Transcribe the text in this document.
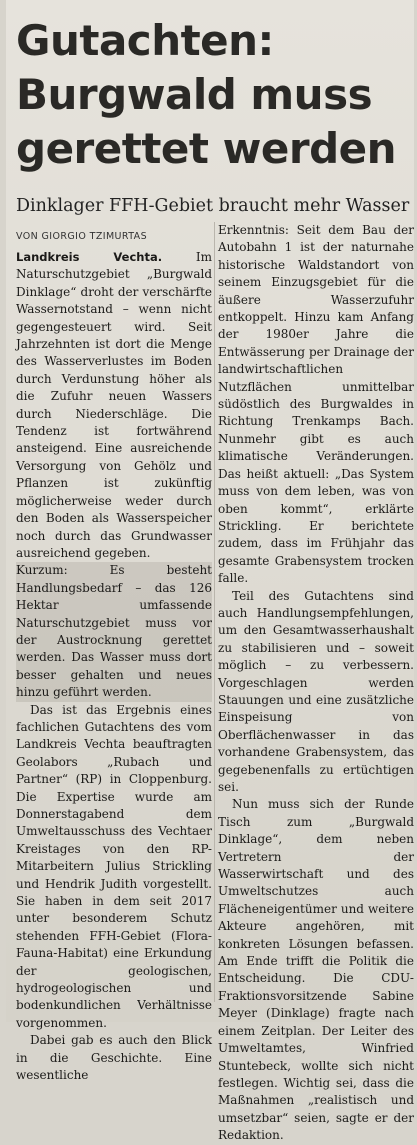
Gutachten:
Burgwald muss
gerettet werden
Dinklager FFH-Gebiet braucht mehr Wasser
VON GIORGIO TZIMURTAS

Landkreis Vechta.	Im Naturschutzgebiet „Burgwald Dinklage“ droht der verschärfte Wassernotstand – wenn nicht gegengesteuert wird. Seit Jahrzehnten ist dort die Menge des Wasserverlustes im Boden durch Verdunstung höher als die Zufuhr neuen Wassers durch Niederschläge. Die Tendenz ist fortwährend ansteigend. Eine ausreichende Versorgung von Gehölz und Pflanzen ist zukünftig möglicherweise weder durch den Boden als Wasserspeicher noch durch das Grundwasser ausreichend gegeben.

Kurzum: Es besteht Handlungsbedarf – das 126 Hektar umfassende Naturschutzgebiet muss vor der Austrocknung gerettet werden. Das Wasser muss dort besser gehalten und neues hinzu geführt werden.

Das ist das Ergebnis eines fachlichen Gutachtens des vom Landkreis Vechta beauftragten Geolabors „Rubach und Partner“ (RP) in Cloppenburg. Die Expertise wurde am Donnerstagabend dem Umweltausschuss des Vechtaer Kreistages von den RP-Mitarbeitern Julius Strickling und Hendrik Judith vorgestellt. Sie haben in dem seit 2017 unter besonderem Schutz stehenden FFH-Gebiet (Flora-Fauna-Habitat) eine Erkundung der geologischen, hydrogeologischen und bodenkundlichen Verhältnisse vorgenommen.

Dabei gab es auch den Blick in die Geschichte. Eine wesentliche

Erkenntnis: Seit dem Bau der Autobahn 1 ist der naturnahe historische Waldstandort von seinem Einzugsgebiet für die äußere Wasserzufuhr entkoppelt. Hinzu kam Anfang der 1980er Jahre die Entwässerung per Drainage der landwirtschaftlichen Nutzflächen unmittelbar südöstlich des Burgwaldes in Richtung Trenkamps Bach. Nunmehr gibt es auch klimatische Veränderungen. Das heißt aktuell: „Das System muss von dem leben, was von oben kommt“, erklärte Strickling. Er berichtete zudem, dass im Frühjahr das gesamte Grabensystem trocken falle.

Teil des Gutachtens sind auch Handlungsempfehlungen, um den Gesamtwasserhaushalt zu stabilisieren und – soweit möglich – zu verbessern. Vorgeschlagen werden Stauungen und eine zusätzliche Einspeisung von Oberflächenwasser in das vorhandene Grabensystem, das gegebenenfalls zu ertüchtigen sei.

Nun muss sich der Runde Tisch zum „Burgwald Dinklage“, dem neben Vertretern der Wasserwirtschaft und des Umweltschutzes auch Flächeneigentümer und weitere Akteure angehören, mit konkreten Lösungen befassen. Am Ende trifft die Politik die Entscheidung. Die CDU-Fraktionsvorsitzende Sabine Meyer (Dinklage) fragte nach einem Zeitplan. Der Leiter des Umweltamtes, Winfried Stuntebeck, wollte sich nicht festlegen. Wichtig sei, dass die Maßnahmen „realistisch und umsetzbar“ seien, sagte er der Redaktion.
